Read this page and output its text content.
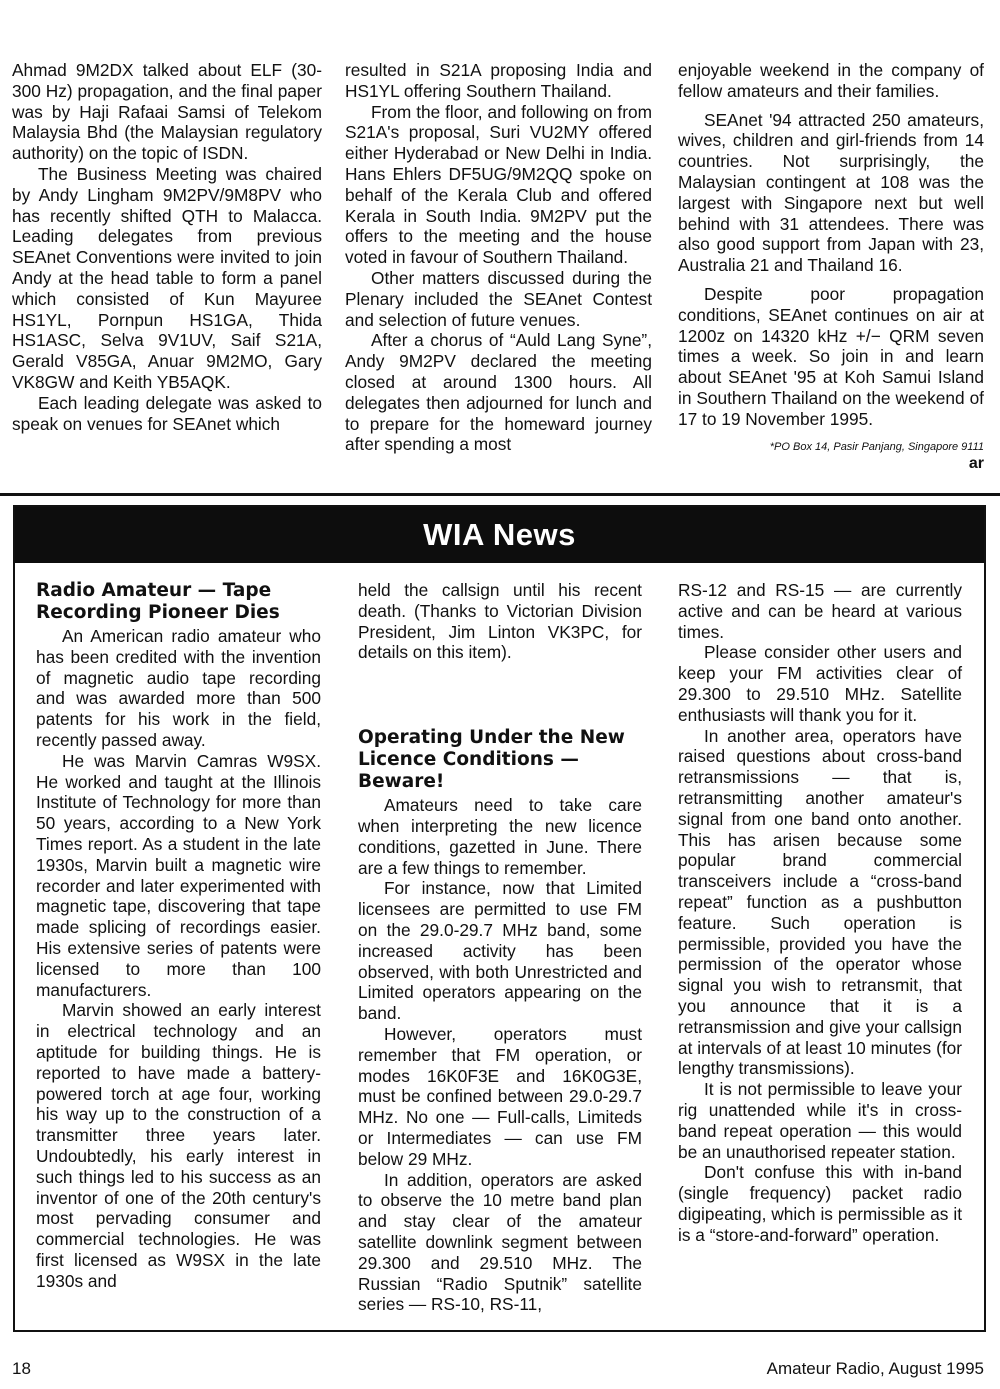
Ahmad 9M2DX talked about ELF (30-300 Hz) propagation, and the final paper was by Haji Rafaai Samsi of Telekom Malaysia Bhd (the Malaysian regulatory authority) on the topic of ISDN.

The Business Meeting was chaired by Andy Lingham 9M2PV/9M8PV who has recently shifted QTH to Malacca. Leading delegates from previous SEAnet Conventions were invited to join Andy at the head table to form a panel which consisted of Kun Mayuree HS1YL, Pornpun HS1GA, Thida HS1ASC, Selva 9V1UV, Saif S21A, Gerald V85GA, Anuar 9M2MO, Gary VK8GW and Keith YB5AQK.

Each leading delegate was asked to speak on venues for SEAnet which

resulted in S21A proposing India and HS1YL offering Southern Thailand.

From the floor, and following on from S21A's proposal, Suri VU2MY offered either Hyderabad or New Delhi in India. Hans Ehlers DF5UG/9M2QQ spoke on behalf of the Kerala Club and offered Kerala in South India. 9M2PV put the offers to the meeting and the house voted in favour of Southern Thailand.

Other matters discussed during the Plenary included the SEAnet Contest and selection of future venues.

After a chorus of “Auld Lang Syne”, Andy 9M2PV declared the meeting closed at around 1300 hours. All delegates then adjourned for lunch and to prepare for the homeward journey after spending a most

enjoyable weekend in the company of fellow amateurs and their families.

SEAnet '94 attracted 250 amateurs, wives, children and girl-friends from 14 countries. Not surprisingly, the Malaysian contingent at 108 was the largest with Singapore next but well behind with 31 attendees. There was also good support from Japan with 23, Australia 21 and Thailand 16.

Despite poor propagation conditions, SEAnet continues on air at 1200z on 14320 kHz +/− QRM seven times a week. So join in and learn about SEAnet '95 at Koh Samui Island in Southern Thailand on the weekend of 17 to 19 November 1995.

*PO Box 14, Pasir Panjang, Singapore 9111
ar
WIA News
Radio Amateur — Tape Recording Pioneer Dies

An American radio amateur who has been credited with the invention of magnetic audio tape recording and was awarded more than 500 patents for his work in the field, recently passed away.

He was Marvin Camras W9SX. He worked and taught at the Illinois Institute of Technology for more than 50 years, according to a New York Times report. As a student in the late 1930s, Marvin built a magnetic wire recorder and later experimented with magnetic tape, discovering that tape made splicing of recordings easier. His extensive series of patents were licensed to more than 100 manufacturers.

Marvin showed an early interest in electrical technology and an aptitude for building things. He is reported to have made a battery-powered torch at age four, working his way up to the construction of a transmitter three years later. Undoubtedly, his early interest in such things led to his success as an inventor of one of the 20th century's most pervading consumer and commercial technologies. He was first licensed as W9SX in the late 1930s and

held the callsign until his recent death. (Thanks to Victorian Division President, Jim Linton VK3PC, for details on this item).

Operating Under the New Licence Conditions — Beware!

Amateurs need to take care when interpreting the new licence conditions, gazetted in June. There are a few things to remember.

For instance, now that Limited licensees are permitted to use FM on the 29.0-29.7 MHz band, some increased activity has been observed, with both Unrestricted and Limited operators appearing on the band.

However, operators must remember that FM operation, or modes 16K0F3E and 16K0G3E, must be confined between 29.0-29.7 MHz. No one — Full-calls, Limiteds or Intermediates — can use FM below 29 MHz.

In addition, operators are asked to observe the 10 metre band plan and stay clear of the amateur satellite downlink segment between 29.300 and 29.510 MHz. The Russian “Radio Sputnik” satellite series — RS-10, RS-11,

RS-12 and RS-15 — are currently active and can be heard at various times.

Please consider other users and keep your FM activities clear of 29.300 to 29.510 MHz. Satellite enthusiasts will thank you for it.

In another area, operators have raised questions about cross-band retransmissions — that is, retransmitting another amateur's signal from one band onto another. This has arisen because some popular brand commercial transceivers include a “cross-band repeat” function as a pushbutton feature. Such operation is permissible, provided you have the permission of the operator whose signal you wish to retransmit, that you announce that it is a retransmission and give your callsign at intervals of at least 10 minutes (for lengthy transmissions).

It is not permissible to leave your rig unattended while it's in cross-band repeat operation — this would be an unauthorised repeater station.

Don't confuse this with in-band (single frequency) packet radio digipeating, which is permissible as it is a “store-and-forward” operation.

18	Amateur Radio, August 1995
